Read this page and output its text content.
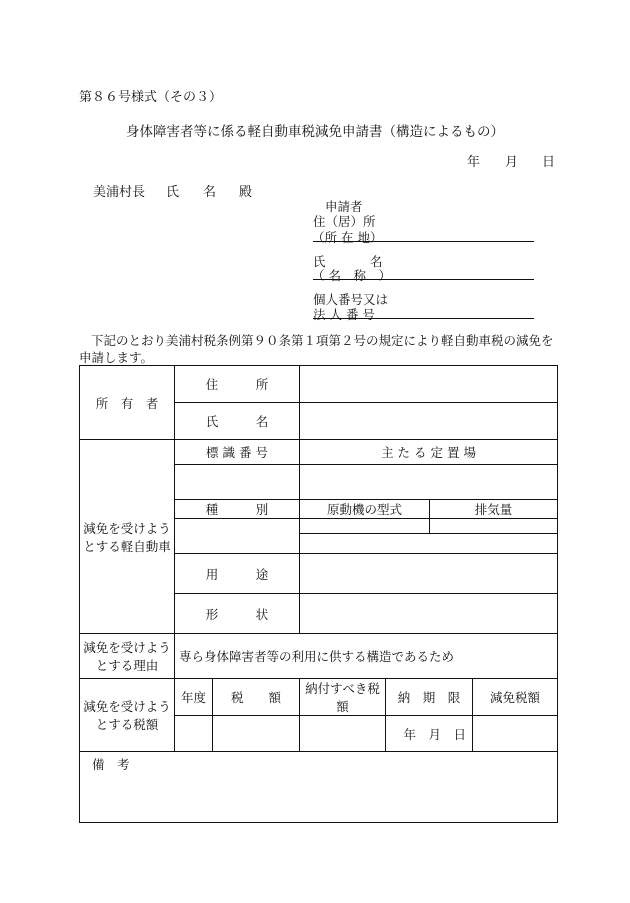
第８６号様式（その３）
身体障害者等に係る軽自動車税減免申請書（構造によるもの）
年 月 日
美浦村長 氏 名 殿
申請者
住（居）所
（所 在 地）
氏	名
（ 名　称　）
個人番号又は
法 人 番 号
下記のとおり美浦村税条例第９０条第１項第２号の規定により軽自動車税の減免を申請します。
所　有　者	住　　　所					
	氏　　　名					
減免を受けようとする軽自動車	標 識 番 号		主 た る 定 置 場			

	種　　　別		原動機の型式		排気量	

	用　　　途					
	形　　　状					
減免を受けようとする理由	専ら身体障害者等の利用に供する構造であるため					
減免を受けようとする税額	年度	税　　額	納付すべき税額	納　期　限		減免税額
				年　月　日		
備　考						
